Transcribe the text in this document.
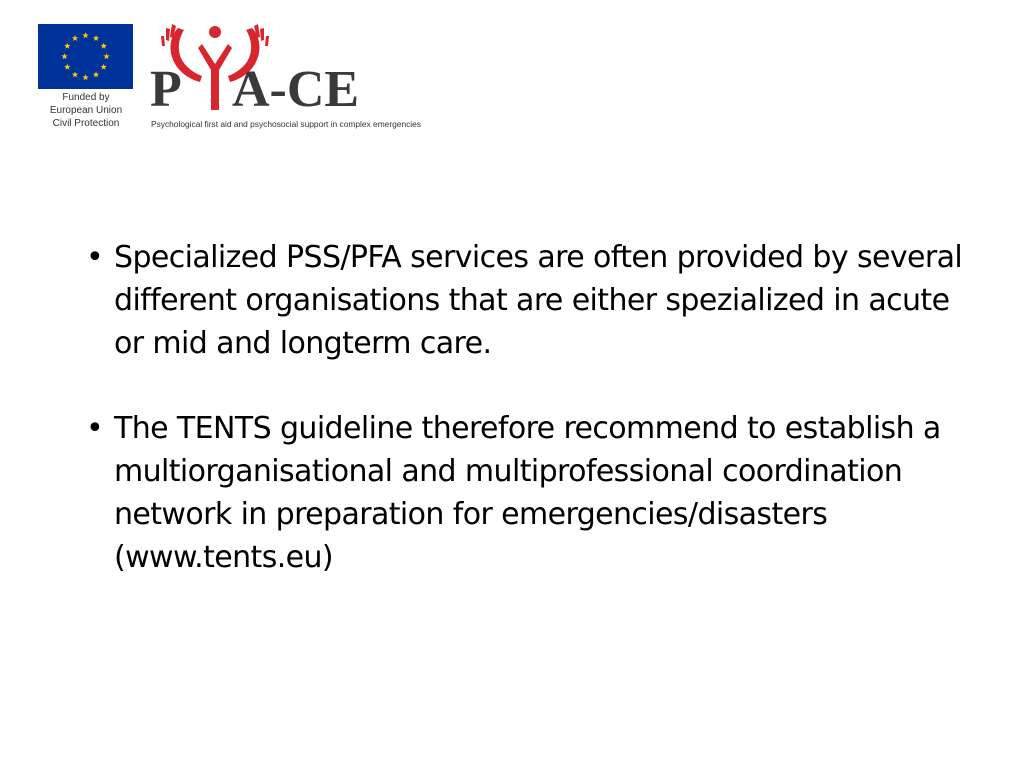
Funded by
European Union
Civil Protection
P A-CE
Psychological first aid and psychosocial support in complex emergencies
• Specialized PSS/PFA services are often provided by several different organisations that are either spezialized in acute or mid and longterm care.
• The TENTS guideline therefore recommend to establish a multiorganisational and multiprofessional coordination network in preparation for emergencies/disasters (www.tents.eu)
